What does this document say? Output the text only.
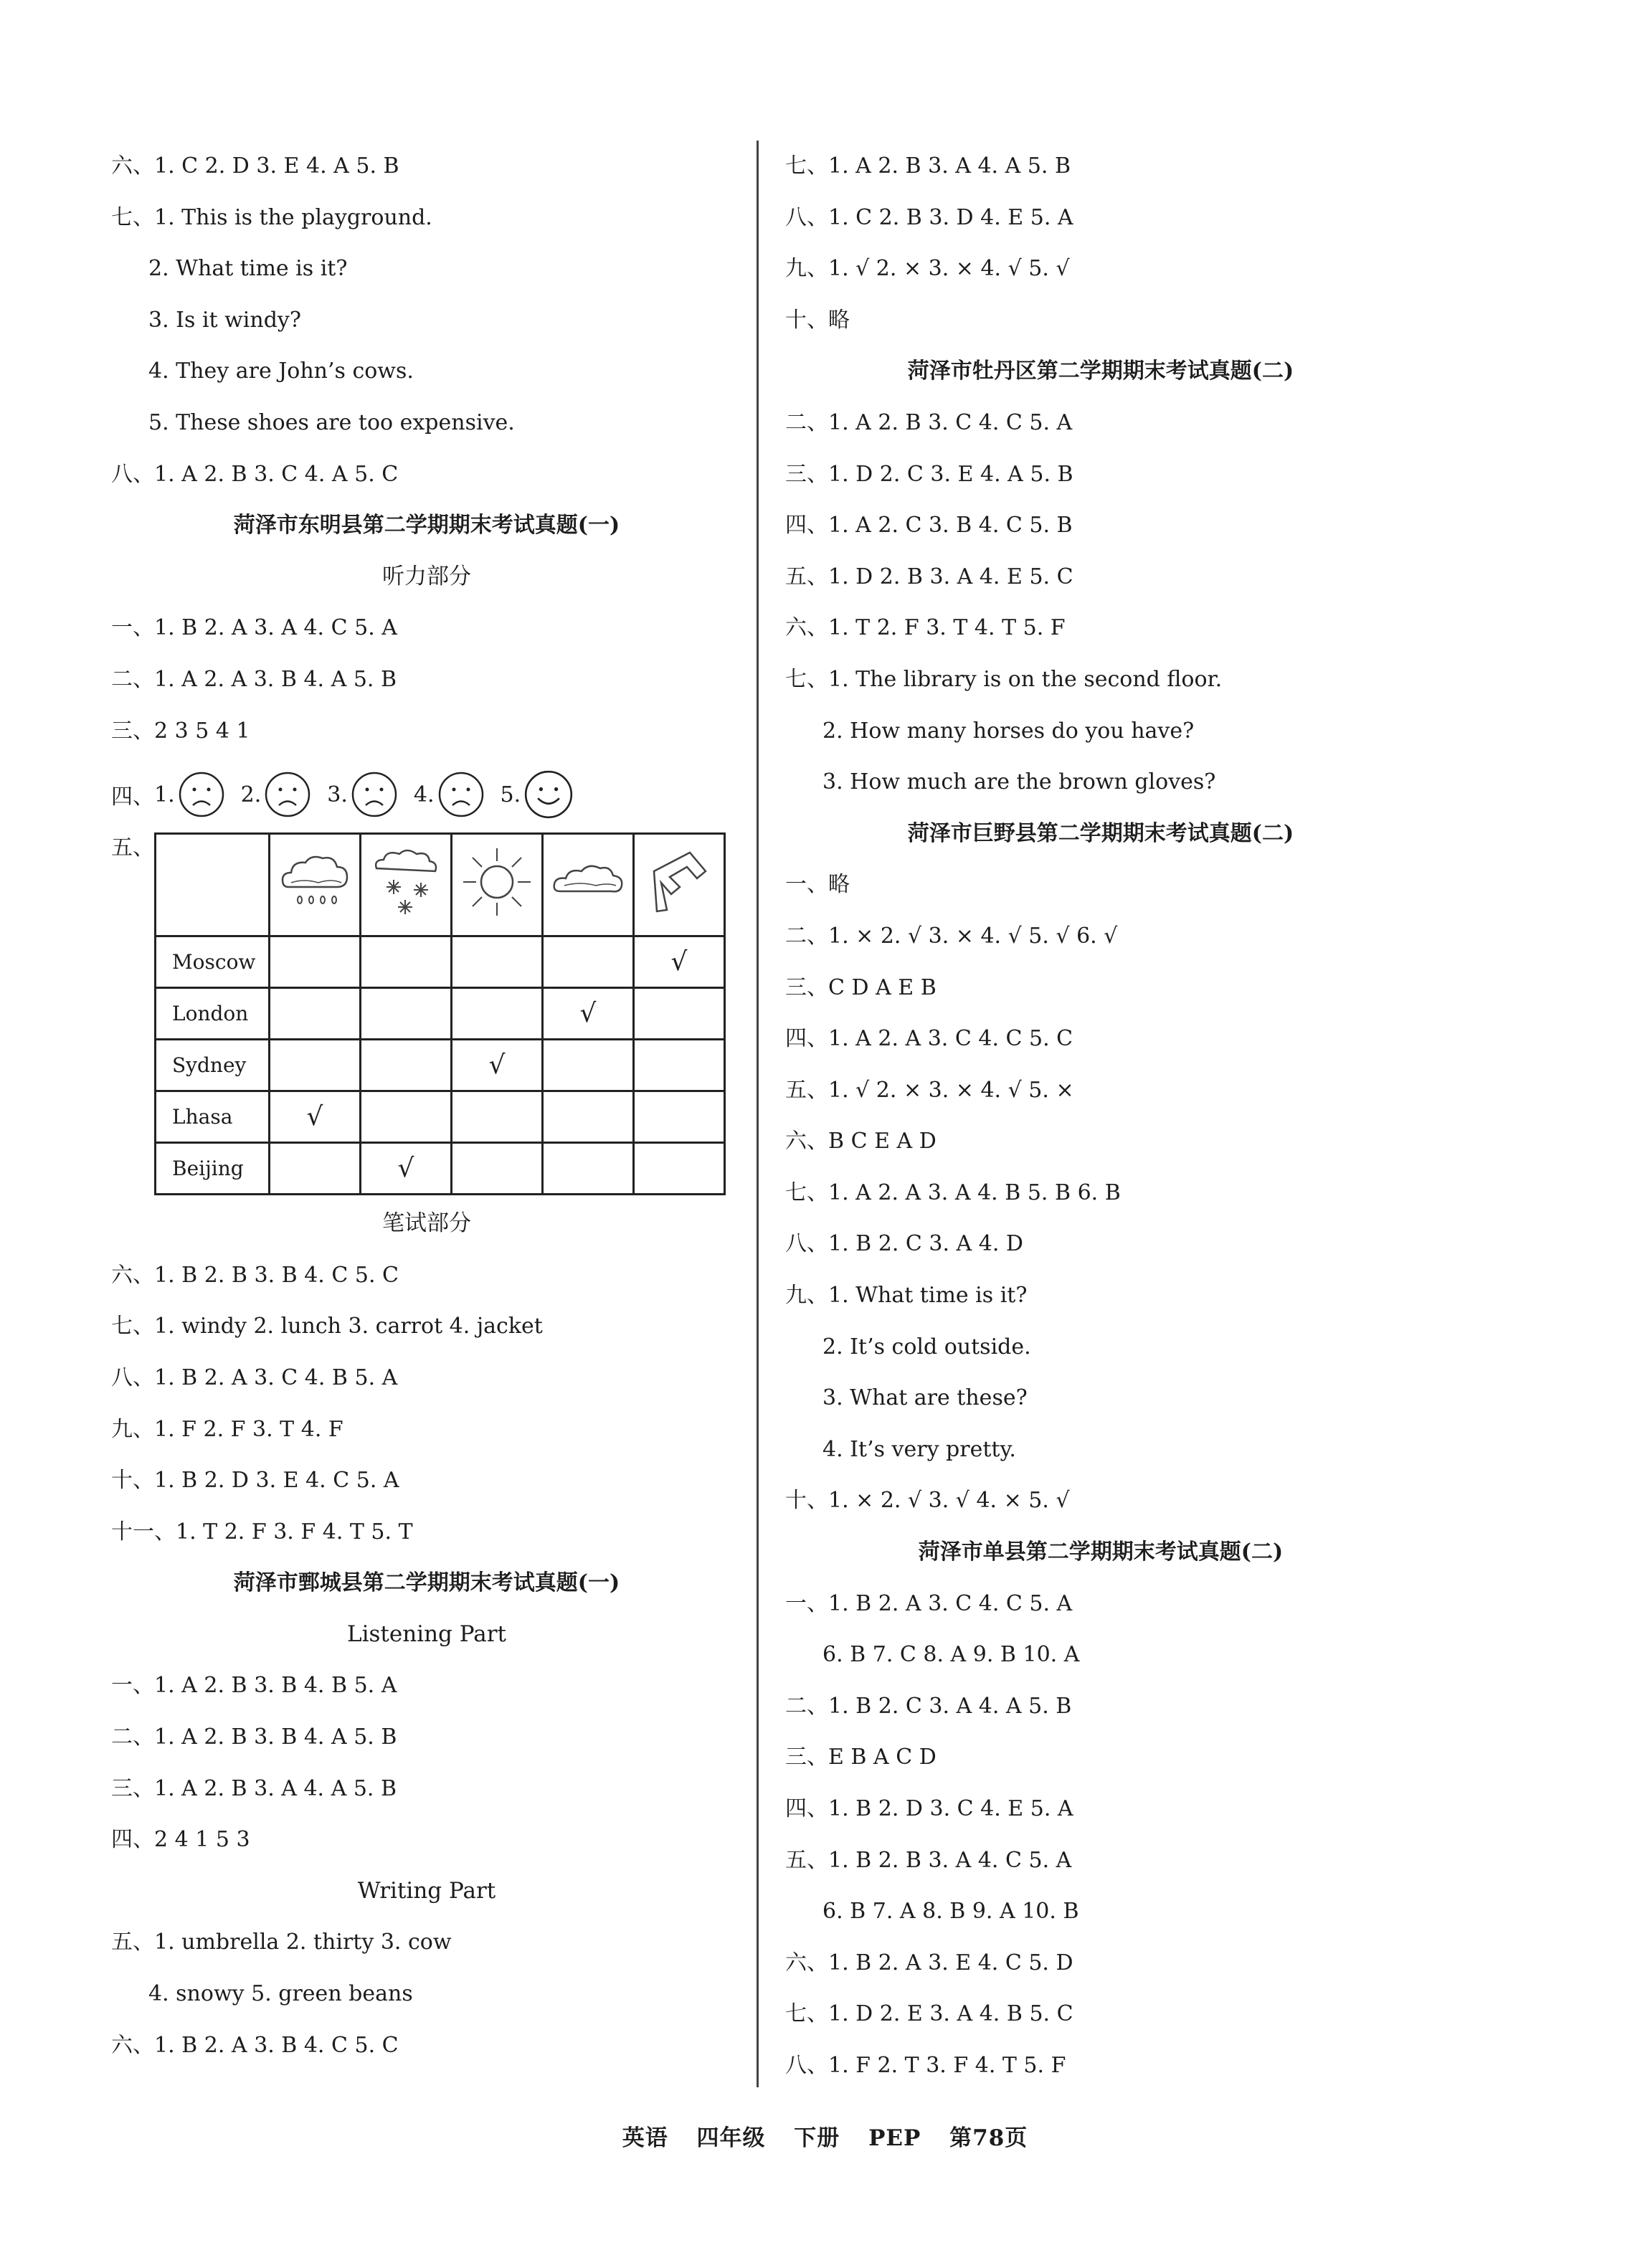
六、1. C 2. D 3. E 4. A 5. B
七、1. This is the playground.
2. What time is it?
3. Is it windy?
4. They are John’s cows.
5. These shoes are too expensive.
八、1. A 2. B 3. C 4. A 5. C
菏泽市东明县第二学期期末考试真题(一)
听力部分
一、1. B 2. A 3. A 4. C 5. A
二、1. A 2. A 3. B 4. A 5. B
三、2 3 5 4 1
四、 1.	2.	3.	4.	5.
五、

Moscow					√
London				√	
Sydney			√		
Lhasa	√				
Beijing		√			
笔试部分
六、1. B 2. B 3. B 4. C 5. C
七、1. windy 2. lunch 3. carrot 4. jacket
八、1. B 2. A 3. C 4. B 5. A
九、1. F 2. F 3. T 4. F
十、1. B 2. D 3. E 4. C 5. A
十一、1. T 2. F 3. F 4. T 5. T
菏泽市鄄城县第二学期期末考试真题(一)
Listening Part
一、1. A 2. B 3. B 4. B 5. A
二、1. A 2. B 3. B 4. A 5. B
三、1. A 2. B 3. A 4. A 5. B
四、2 4 1 5 3
Writing Part
五、1. umbrella 2. thirty 3. cow
4. snowy 5. green beans
六、1. B 2. A 3. B 4. C 5. C
七、1. A 2. B 3. A 4. A 5. B
八、1. C 2. B 3. D 4. E 5. A
九、1. √ 2. × 3. × 4. √ 5. √
十、略
菏泽市牡丹区第二学期期末考试真题(二)
二、1. A 2. B 3. C 4. C 5. A
三、1. D 2. C 3. E 4. A 5. B
四、1. A 2. C 3. B 4. C 5. B
五、1. D 2. B 3. A 4. E 5. C
六、1. T 2. F 3. T 4. T 5. F
七、1. The library is on the second floor.
2. How many horses do you have?
3. How much are the brown gloves?
菏泽市巨野县第二学期期末考试真题(二)
一、略
二、1. × 2. √ 3. × 4. √ 5. √ 6. √
三、C D A E B
四、1. A 2. A 3. C 4. C 5. C
五、1. √ 2. × 3. × 4. √ 5. ×
六、B C E A D
七、1. A 2. A 3. A 4. B 5. B 6. B
八、1. B 2. C 3. A 4. D
九、1. What time is it?
2. It’s cold outside.
3. What are these?
4. It’s very pretty.
十、1. × 2. √ 3. √ 4. × 5. √
菏泽市单县第二学期期末考试真题(二)
一、1. B 2. A 3. C 4. C 5. A
6. B 7. C 8. A 9. B 10. A
二、1. B 2. C 3. A 4. A 5. B
三、E B A C D
四、1. B 2. D 3. C 4. E 5. A
五、1. B 2. B 3. A 4. C 5. A
6. B 7. A 8. B 9. A 10. B
六、1. B 2. A 3. E 4. C 5. D
七、1. D 2. E 3. A 4. B 5. C
八、1. F 2. T 3. F 4. T 5. F
英语 四年级 下册 PEP 第78页
